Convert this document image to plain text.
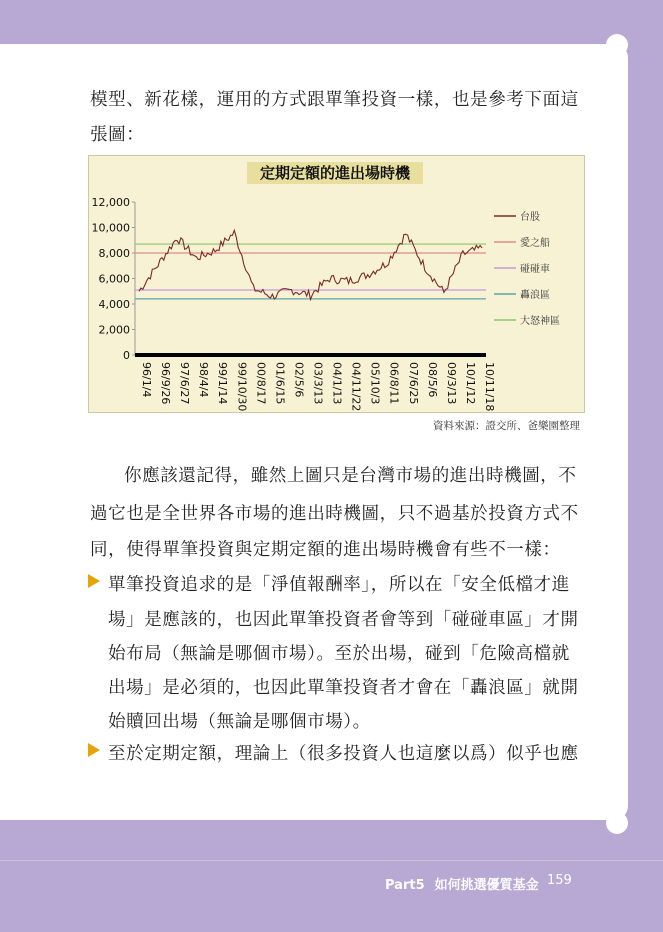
模型、新花樣，運用的方式跟單筆投資一樣，也是參考下面這
張圖：
定期定額的進出場時機
0
2,000
4,000
6,000
8,000
10,000
12,000
96/1/4 96/9/26 97/6/27 98/4/4 99/1/14 99/10/30 00/8/17 01/6/15 02/5/6 03/3/13 04/1/13 04/11/22 05/10/3 06/8/11 07/6/25 08/5/6 09/3/13 10/1/12 10/11/18
台股
愛之船
碰碰車
轟浪區
大怒神區
資料來源：證交所、爸樂園整理
你應該還記得，雖然上圖只是台灣市場的進出時機圖，不
過它也是全世界各市場的進出時機圖，只不過基於投資方式不
同，使得單筆投資與定期定額的進出場時機會有些不一樣：
單筆投資追求的是「淨值報酬率」，所以在「安全低檔才進
場」是應該的，也因此單筆投資者會等到「碰碰車區」才開
始布局（無論是哪個市場）。至於出場，碰到「危險高檔就
出場」是必須的，也因此單筆投資者才會在「轟浪區」就開
始贖回出場（無論是哪個市場）。
至於定期定額，理論上（很多投資人也這麼以爲）似乎也應
Part5 如何挑選優質基金 159
